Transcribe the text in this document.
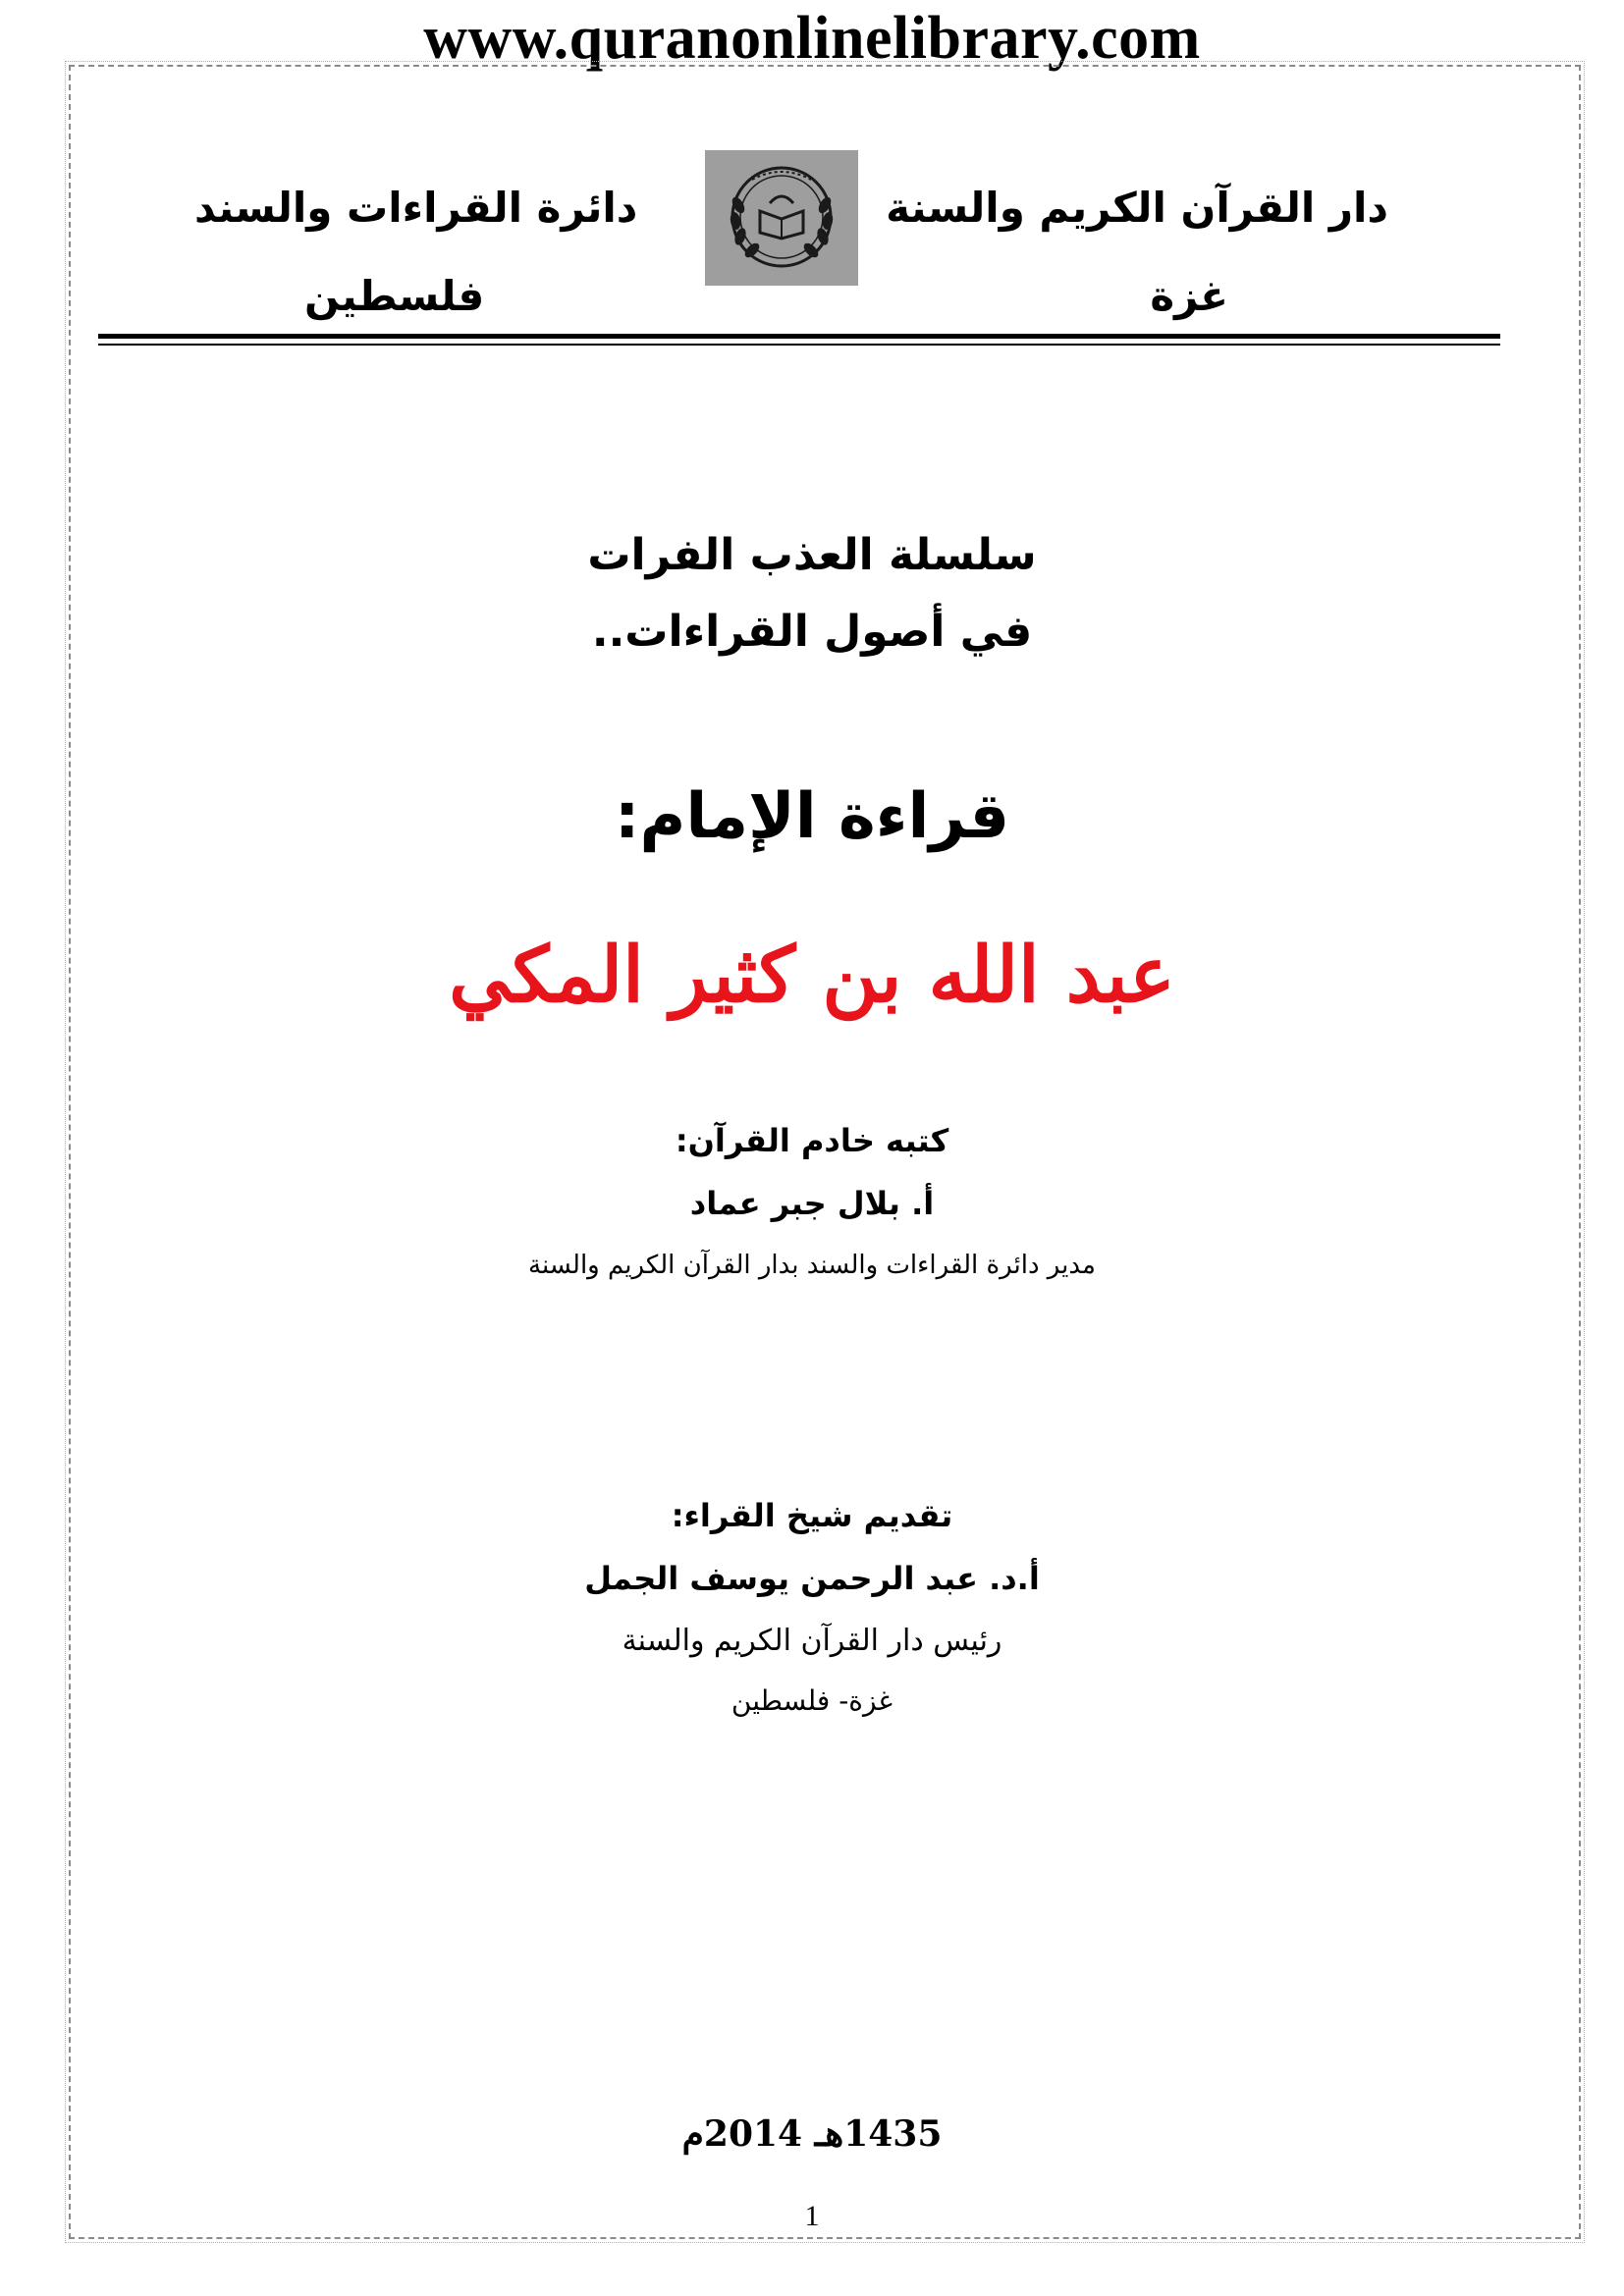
www.quranonlinelibrary.com
دار القرآن الكريم والسنة
غزة
دائرة القراءات والسند
فلسطين
سلسلة العذب الفرات
في أصول القراءات..
قراءة الإمام:
عبد الله بن كثير المكي
كتبه خادم القرآن:
أ. بلال جبر عماد
مدير دائرة القراءات والسند بدار القرآن الكريم والسنة
تقديم شيخ القراء:
أ.د. عبد الرحمن يوسف الجمل
رئيس دار القرآن الكريم والسنة
غزة- فلسطين
1435هـ 2014م
1
